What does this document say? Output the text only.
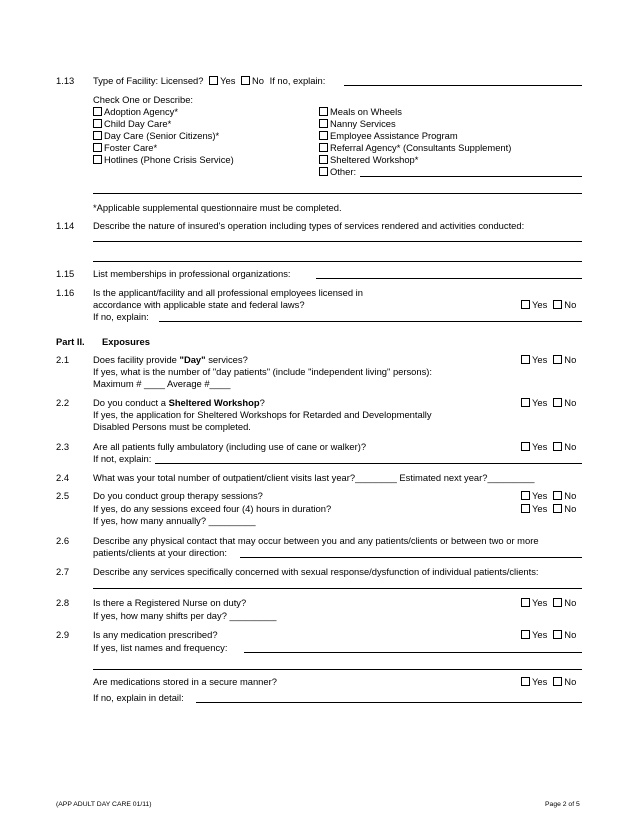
1.13 Type of Facility: Licensed? Yes No If no, explain:
Check One or Describe:
Adoption Agency*
Child Day Care*
Day Care (Senior Citizens)*
Foster Care*
Hotlines (Phone Crisis Service)
Meals on Wheels
Nanny Services
Employee Assistance Program
Referral Agency* (Consultants Supplement)
Sheltered Workshop*
Other:
*Applicable supplemental questionnaire must be completed.
1.14 Describe the nature of insured's operation including types of services rendered and activities conducted:
1.15 List memberships in professional organizations:
1.16 Is the applicant/facility and all professional employees licensed in
accordance with applicable state and federal laws?	Yes No
If no, explain:
Part II. Exposures
2.1	Does facility provide "Day" services?	Yes No
If yes, what is the number of "day patients" (include "independent living" persons):
Maximum # ____ Average #____
2.2	Do you conduct a Sheltered Workshop?	Yes No
If yes, the application for Sheltered Workshops for Retarded and Developmentally
Disabled Persons must be completed.
2.3	Are all patients fully ambulatory (including use of cane or walker)?	Yes No
If not, explain:
2.4	What was your total number of outpatient/client visits last year?________ Estimated next year?_________
2.5	Do you conduct group therapy sessions?	Yes No
If yes, do any sessions exceed four (4) hours in duration?	Yes No
If yes, how many annually? _________
2.6	Describe any physical contact that may occur between you and any patients/clients or between two or more
patients/clients at your direction:
2.7	Describe any services specifically concerned with sexual response/dysfunction of individual patients/clients:
2.8	Is there a Registered Nurse on duty?	Yes No
If yes, how many shifts per day? _________
2.9	Is any medication prescribed?	Yes No
If yes, list names and frequency:
Are medications stored in a secure manner?	Yes No
If no, explain in detail:
(APP ADULT DAY CARE 01/11)	Page 2 of 5
